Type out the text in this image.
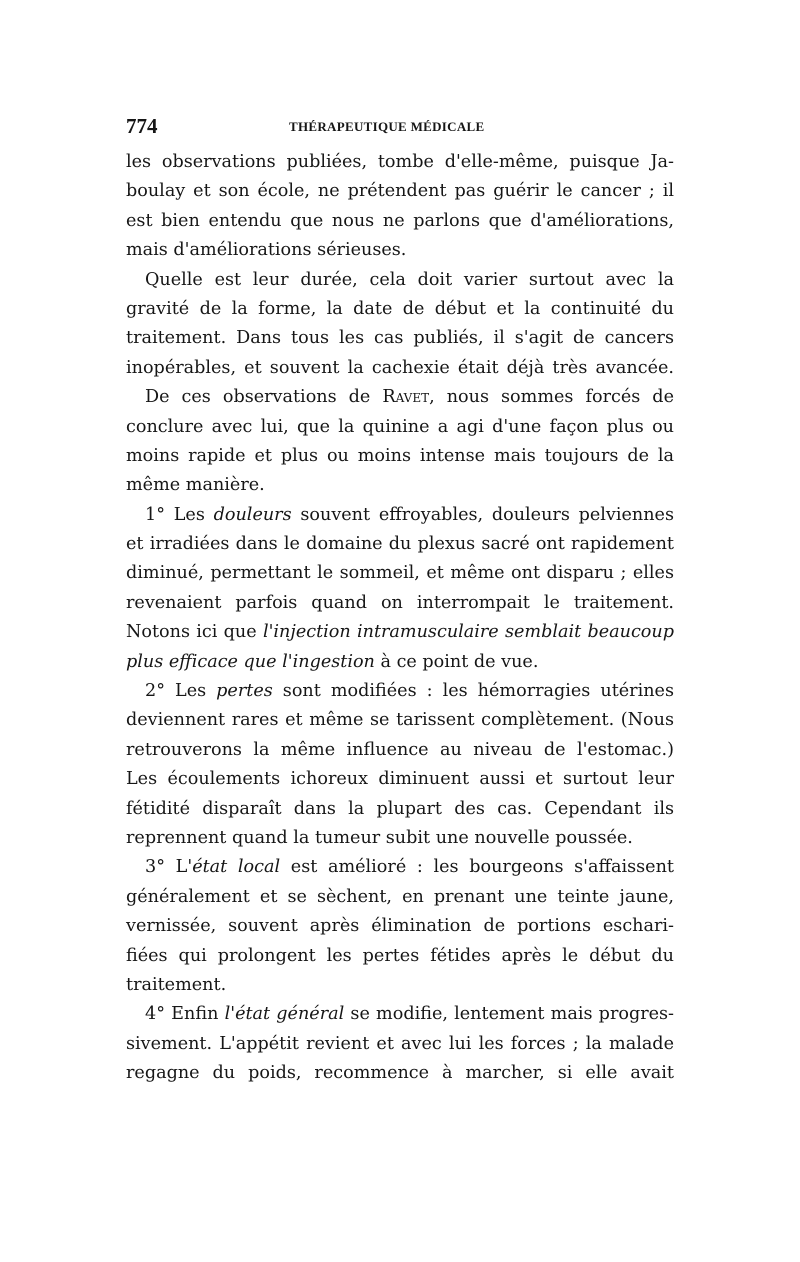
774	THÉRAPEUTIQUE MÉDICALE
les observations publiées, tombe d'elle-même, puisque Ja-
boulay et son école, ne prétendent pas guérir le cancer ; il
est bien entendu que nous ne parlons que d'améliorations,
mais d'améliorations sérieuses.
Quelle est leur durée, cela doit varier surtout avec la
gravité de la forme, la date de début et la continuité du
traitement. Dans tous les cas publiés, il s'agit de cancers
inopérables, et souvent la cachexie était déjà très avancée.
De ces observations de Ravet, nous sommes forcés de
conclure avec lui, que la quinine a agi d'une façon plus ou
moins rapide et plus ou moins intense mais toujours de la
même manière.
1° Les douleurs souvent effroyables, douleurs pelviennes
et irradiées dans le domaine du plexus sacré ont rapidement
diminué, permettant le sommeil, et même ont disparu ; elles
revenaient parfois quand on interrompait le traitement.
Notons ici que l'injection intramusculaire semblait beaucoup
plus efficace que l'ingestion à ce point de vue.
2° Les pertes sont modifiées : les hémorragies utérines
deviennent rares et même se tarissent complètement. (Nous
retrouverons la même influence au niveau de l'estomac.)
Les écoulements ichoreux diminuent aussi et surtout leur
fétidité disparaît dans la plupart des cas. Cependant ils
reprennent quand la tumeur subit une nouvelle poussée.
3° L'état local est amélioré : les bourgeons s'affaissent
généralement et se sèchent, en prenant une teinte jaune,
vernissée, souvent après élimination de portions eschari-
fiées qui prolongent les pertes fétides après le début du
traitement.
4° Enfin l'état général se modifie, lentement mais progres-
sivement. L'appétit revient et avec lui les forces ; la malade
regagne du poids, recommence à marcher, si elle avait
